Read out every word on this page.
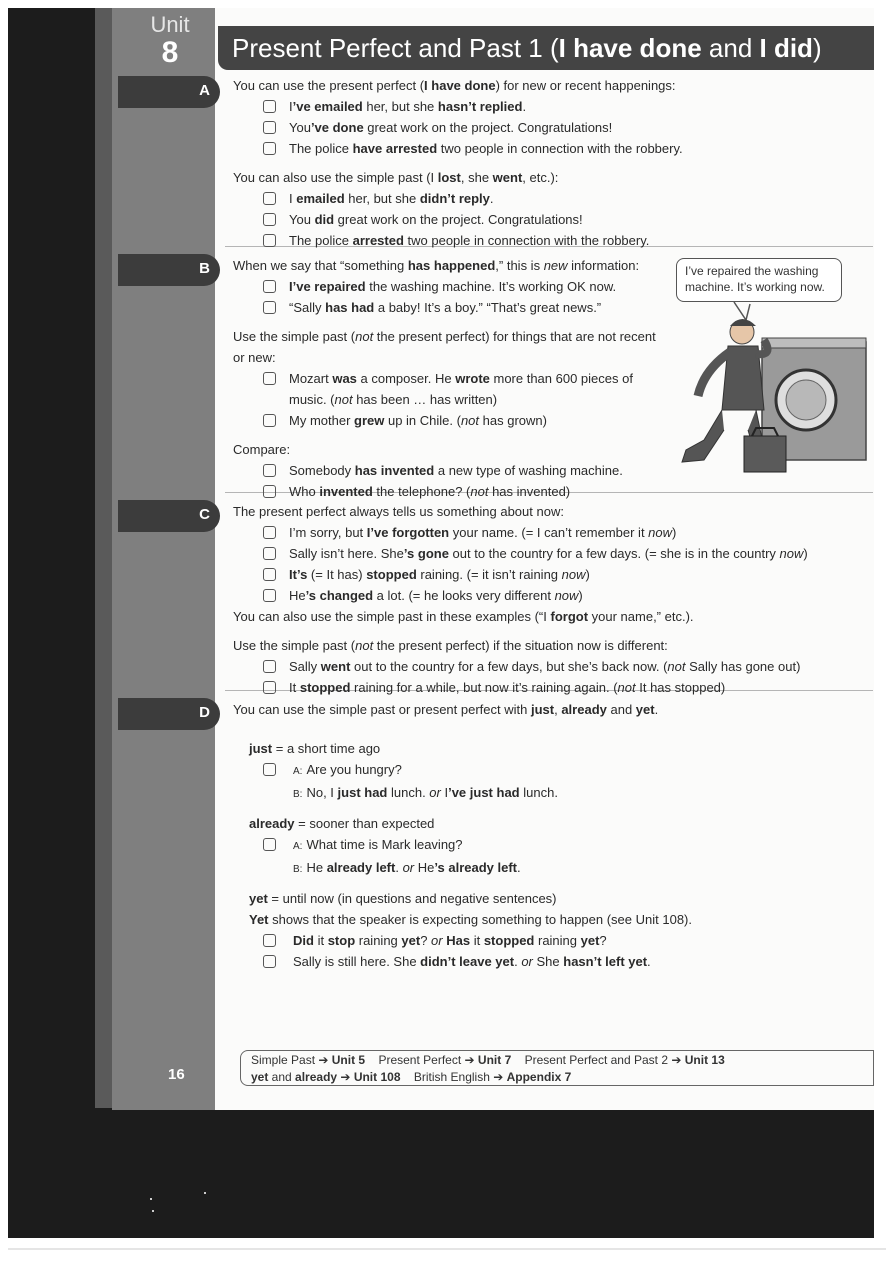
Unit
8	Present Perfect and Past 1 (I have done and I did)
A
B
C
D
You can use the present perfect (I have done) for new or recent happenings:
I’ve emailed her, but she hasn’t replied.
You’ve done great work on the project. Congratulations!
The police have arrested two people in connection with the robbery.
You can also use the simple past (I lost, she went, etc.):
I emailed her, but she didn’t reply.
You did great work on the project. Congratulations!
The police arrested two people in connection with the robbery.
When we say that “something has happened,” this is new information:
I’ve repaired the washing machine. It’s working OK now.
“Sally has had a baby! It’s a boy.” “That’s great news.”
Use the simple past (not the present perfect) for things that are not recent
or new:
Mozart was a composer. He wrote more than 600 pieces of
music. (not has been … has written)
My mother grew up in Chile. (not has grown)
Compare:
Somebody has invented a new type of washing machine.
Who invented the telephone? (not has invented)
I’ve repaired the washing machine. It’s working now.
The present perfect always tells us something about now:
I’m sorry, but I’ve forgotten your name. (= I can’t remember it now)
Sally isn’t here. She’s gone out to the country for a few days. (= she is in the country now)
It’s (= It has) stopped raining. (= it isn’t raining now)
He’s changed a lot. (= he looks very different now)
You can also use the simple past in these examples (“I forgot your name,” etc.).
Use the simple past (not the present perfect) if the situation now is different:
Sally went out to the country for a few days, but she’s back now. (not Sally has gone out)
It stopped raining for a while, but now it’s raining again. (not It has stopped)
You can use the simple past or present perfect with just, already and yet.
just = a short time ago
A: Are you hungry?
B: No, I just had lunch. or I’ve just had lunch.
already = sooner than expected
A: What time is Mark leaving?
B: He already left. or He’s already left.
yet = until now (in questions and negative sentences)
Yet shows that the speaker is expecting something to happen (see Unit 108).
Did it stop raining yet? or Has it stopped raining yet?
Sally is still here. She didn’t leave yet. or She hasn’t left yet.
Simple Past ➔ Unit 5 Present Perfect ➔ Unit 7 Present Perfect and Past 2 ➔ Unit 13
yet and already ➔ Unit 108 British English ➔ Appendix 7
16
